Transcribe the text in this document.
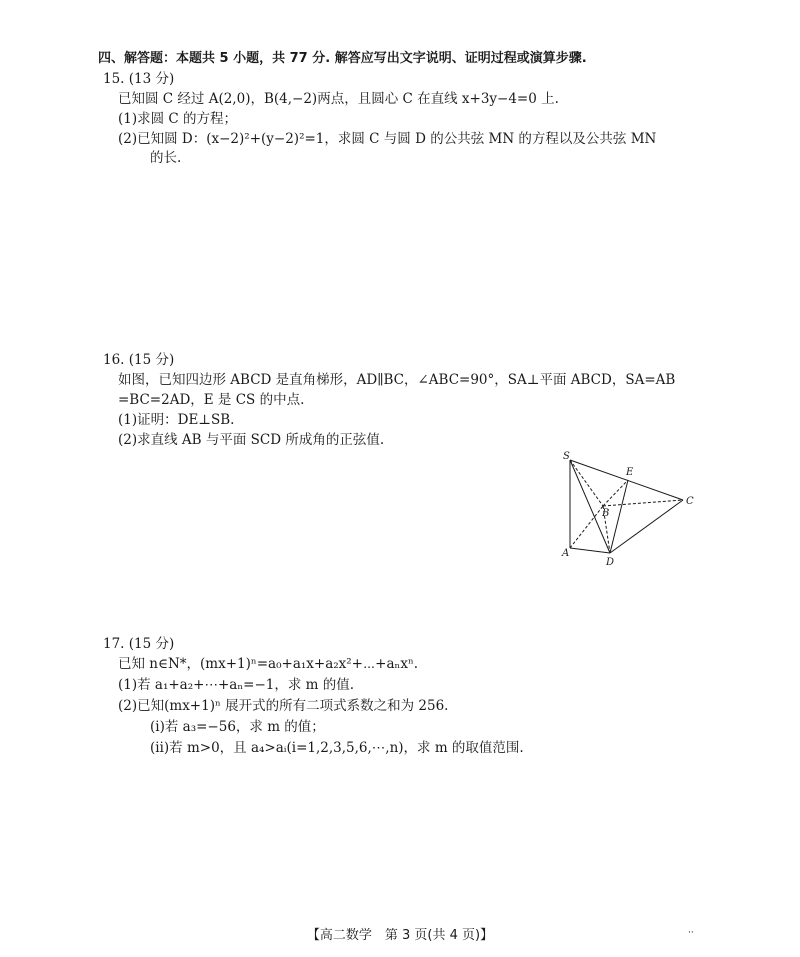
四、解答题：本题共 5 小题，共 77 分. 解答应写出文字说明、证明过程或演算步骤.
15. (13 分)
已知圆 C 经过 A(2,0)，B(4,−2)两点，且圆心 C 在直线 x+3y−4=0 上.
(1)求圆 C 的方程；
(2)已知圆 D：(x−2)²+(y−2)²=1，求圆 C 与圆 D 的公共弦 MN 的方程以及公共弦 MN
的长.
16. (15 分)
如图，已知四边形 ABCD 是直角梯形，AD∥BC，∠ABC=90°，SA⊥平面 ABCD，SA=AB
=BC=2AD，E 是 CS 的中点.
(1)证明：DE⊥SB.
(2)求直线 AB 与平面 SCD 所成角的正弦值.
S
E
C
B
A
D
17. (15 分)
已知 n∈N*，(mx+1)ⁿ=a₀+a₁x+a₂x²+⋯+aₙxⁿ.
(1)若 a₁+a₂+⋯+aₙ=−1，求 m 的值.
(2)已知(mx+1)ⁿ 展开式的所有二项式系数之和为 256.
(ⅰ)若 a₃=−56，求 m 的值；
(ⅱ)若 m>0，且 a₄>aᵢ(i=1,2,3,5,6,⋯,n)，求 m 的取值范围.
【高二数学　第 3 页(共 4 页)】	··
